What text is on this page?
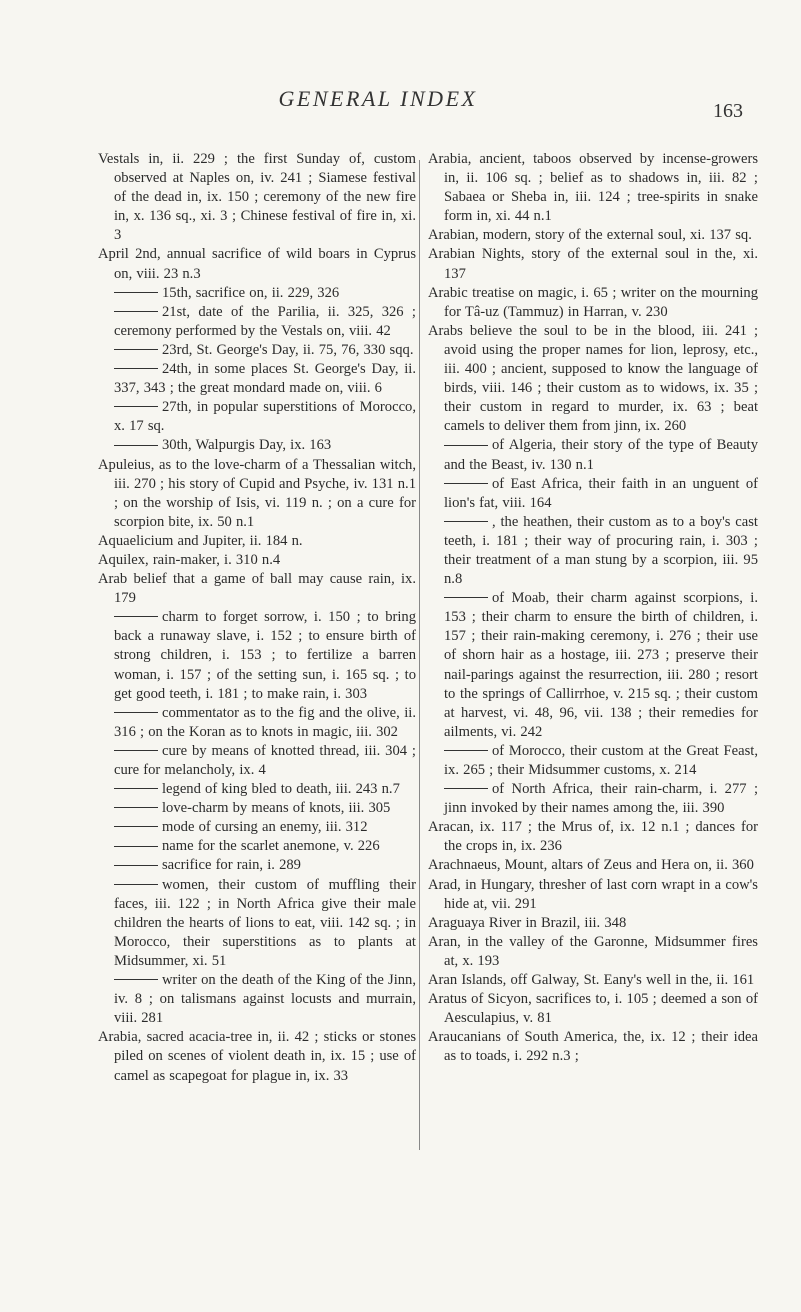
GENERAL INDEX	163
Vestals in, ii. 229 ; the first Sunday of, custom observed at Naples on, iv. 241 ; Siamese festival of the dead in, ix. 150 ; ceremony of the new fire in, x. 136 sq., xi. 3 ; Chinese festival of fire in, xi. 3
April 2nd, annual sacrifice of wild boars in Cyprus on, viii. 23 n.3
15th, sacrifice on, ii. 229, 326
21st, date of the Parilia, ii. 325, 326 ; ceremony performed by the Vestals on, viii. 42
23rd, St. George's Day, ii. 75, 76, 330 sqq.
24th, in some places St. George's Day, ii. 337, 343 ; the great mondard made on, viii. 6
27th, in popular superstitions of Morocco, x. 17 sq.
30th, Walpurgis Day, ix. 163
Apuleius, as to the love-charm of a Thessalian witch, iii. 270 ; his story of Cupid and Psyche, iv. 131 n.1 ; on the worship of Isis, vi. 119 n. ; on a cure for scorpion bite, ix. 50 n.1
Aquaelicium and Jupiter, ii. 184 n.
Aquilex, rain-maker, i. 310 n.4
Arab belief that a game of ball may cause rain, ix. 179
charm to forget sorrow, i. 150 ; to bring back a runaway slave, i. 152 ; to ensure birth of strong children, i. 153 ; to fertilize a barren woman, i. 157 ; of the setting sun, i. 165 sq. ; to get good teeth, i. 181 ; to make rain, i. 303
commentator as to the fig and the olive, ii. 316 ; on the Koran as to knots in magic, iii. 302
cure by means of knotted thread, iii. 304 ; cure for melancholy, ix. 4
legend of king bled to death, iii. 243 n.7
love-charm by means of knots, iii. 305
mode of cursing an enemy, iii. 312
name for the scarlet anemone, v. 226
sacrifice for rain, i. 289
women, their custom of muffling their faces, iii. 122 ; in North Africa give their male children the hearts of lions to eat, viii. 142 sq. ; in Morocco, their superstitions as to plants at Midsummer, xi. 51
writer on the death of the King of the Jinn, iv. 8 ; on talismans against locusts and murrain, viii. 281
Arabia, sacred acacia-tree in, ii. 42 ; sticks or stones piled on scenes of violent death in, ix. 15 ; use of camel as scapegoat for plague in, ix. 33
Arabia, ancient, taboos observed by incense-growers in, ii. 106 sq. ; belief as to shadows in, iii. 82 ; Sabaea or Sheba in, iii. 124 ; tree-spirits in snake form in, xi. 44 n.1
Arabian, modern, story of the external soul, xi. 137 sq.
Arabian Nights, story of the external soul in the, xi. 137
Arabic treatise on magic, i. 65 ; writer on the mourning for Tâ-uz (Tammuz) in Harran, v. 230
Arabs believe the soul to be in the blood, iii. 241 ; avoid using the proper names for lion, leprosy, etc., iii. 400 ; ancient, supposed to know the language of birds, viii. 146 ; their custom as to widows, ix. 35 ; their custom in regard to murder, ix. 63 ; beat camels to deliver them from jinn, ix. 260
of Algeria, their story of the type of Beauty and the Beast, iv. 130 n.1
of East Africa, their faith in an unguent of lion's fat, viii. 164
, the heathen, their custom as to a boy's cast teeth, i. 181 ; their way of procuring rain, i. 303 ; their treatment of a man stung by a scorpion, iii. 95 n.8
of Moab, their charm against scorpions, i. 153 ; their charm to ensure the birth of children, i. 157 ; their rain-making ceremony, i. 276 ; their use of shorn hair as a hostage, iii. 273 ; preserve their nail-parings against the resurrection, iii. 280 ; resort to the springs of Callirrhoe, v. 215 sq. ; their custom at harvest, vi. 48, 96, vii. 138 ; their remedies for ailments, vi. 242
of Morocco, their custom at the Great Feast, ix. 265 ; their Midsummer customs, x. 214
of North Africa, their rain-charm, i. 277 ; jinn invoked by their names among the, iii. 390
Aracan, ix. 117 ; the Mrus of, ix. 12 n.1 ; dances for the crops in, ix. 236
Arachnaeus, Mount, altars of Zeus and Hera on, ii. 360
Arad, in Hungary, thresher of last corn wrapt in a cow's hide at, vii. 291
Araguaya River in Brazil, iii. 348
Aran, in the valley of the Garonne, Midsummer fires at, x. 193
Aran Islands, off Galway, St. Eany's well in the, ii. 161
Aratus of Sicyon, sacrifices to, i. 105 ; deemed a son of Aesculapius, v. 81
Araucanians of South America, the, ix. 12 ; their idea as to toads, i. 292 n.3 ;
